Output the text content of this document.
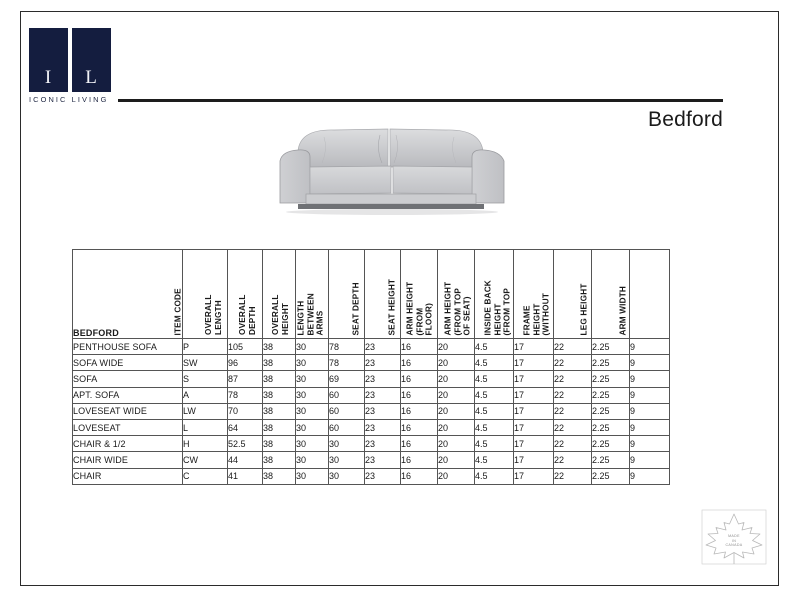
I	L
ICONIC LIVING
Bedford
BEDFORD	ITEM CODE	OVERALL LENGTH	OVERALL DEPTH	OVERALL HEIGHT	LENGTH BETWEEN ARMS	SEAT DEPTH	SEAT HEIGHT	ARM HEIGHT (FROM FLOOR)	ARM HEIGHT (FROM TOP OF SEAT)	INSIDE BACK HEIGHT (FROM TOP	FRAME HEIGHT (WITHOUT	LEG HEIGHT	ARM WIDTH

PENTHOUSE SOFA	P	105	38	30	78	23	16	20	4.5	17	22	2.25	9
SOFA WIDE	SW	96	38	30	78	23	16	20	4.5	17	22	2.25	9
SOFA	S	87	38	30	69	23	16	20	4.5	17	22	2.25	9
APT. SOFA	A	78	38	30	60	23	16	20	4.5	17	22	2.25	9
LOVESEAT WIDE	LW	70	38	30	60	23	16	20	4.5	17	22	2.25	9
LOVESEAT	L	64	38	30	60	23	16	20	4.5	17	22	2.25	9
CHAIR & 1/2	H	52.5	38	30	30	23	16	20	4.5	17	22	2.25	9
CHAIR WIDE	CW	44	38	30	30	23	16	20	4.5	17	22	2.25	9
CHAIR	C	41	38	30	30	23	16	20	4.5	17	22	2.25	9
MADE
IN
CANADA
